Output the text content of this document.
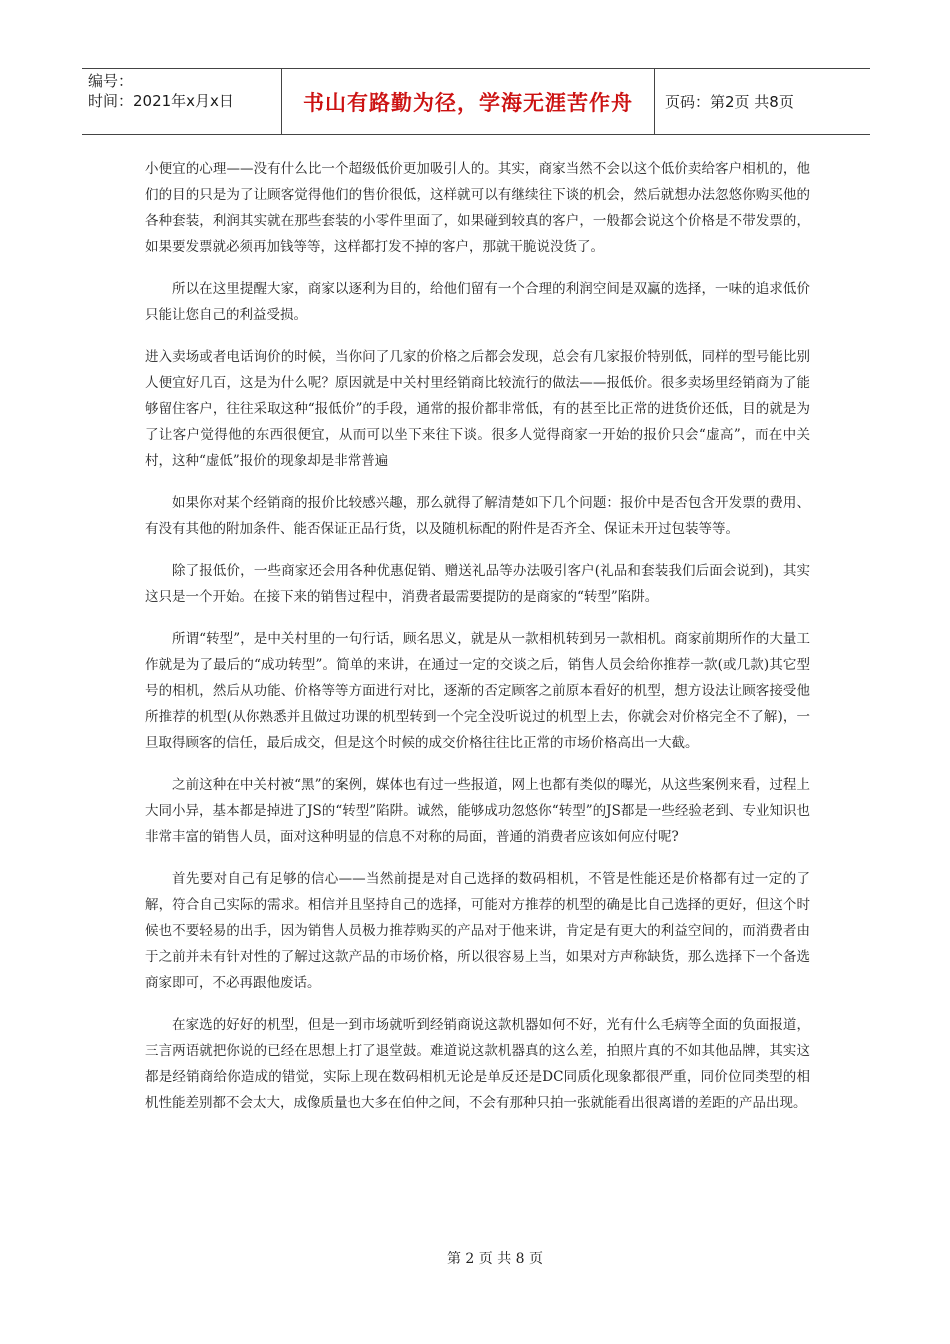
编号：
时间：2021年x月x日	书山有路勤为径，学海无涯苦作舟	页码：第2页 共8页

小便宜的心理——没有什么比一个超级低价更加吸引人的。其实，商家当然不会以这个低价卖给客户相机的，他们的目的只是为了让顾客觉得他们的售价很低，这样就可以有继续往下谈的机会，然后就想办法忽悠你购买他的各种套装，利润其实就在那些套装的小零件里面了，如果碰到较真的客户，一般都会说这个价格是不带发票的，如果要发票就必须再加钱等等，这样都打发不掉的客户，那就干脆说没货了。

所以在这里提醒大家，商家以逐利为目的，给他们留有一个合理的利润空间是双赢的选择，一味的追求低价只能让您自己的利益受损。

进入卖场或者电话询价的时候，当你问了几家的价格之后都会发现，总会有几家报价特别低，同样的型号能比别人便宜好几百，这是为什么呢？原因就是中关村里经销商比较流行的做法——报低价。很多卖场里经销商为了能够留住客户，往往采取这种“报低价”的手段，通常的报价都非常低，有的甚至比正常的进货价还低，目的就是为了让客户觉得他的东西很便宜，从而可以坐下来往下谈。很多人觉得商家一开始的报价只会“虚高”，而在中关村，这种“虚低”报价的现象却是非常普遍

如果你对某个经销商的报价比较感兴趣，那么就得了解清楚如下几个问题：报价中是否包含开发票的费用、有没有其他的附加条件、能否保证正品行货，以及随机标配的附件是否齐全、保证未开过包装等等。

除了报低价，一些商家还会用各种优惠促销、赠送礼品等办法吸引客户(礼品和套装我们后面会说到)，其实这只是一个开始。在接下来的销售过程中，消费者最需要提防的是商家的“转型”陷阱。

所谓“转型”，是中关村里的一句行话，顾名思义，就是从一款相机转到另一款相机。商家前期所作的大量工作就是为了最后的“成功转型”。简单的来讲，在通过一定的交谈之后，销售人员会给你推荐一款(或几款)其它型号的相机，然后从功能、价格等等方面进行对比，逐渐的否定顾客之前原本看好的机型，想方设法让顾客接受他所推荐的机型(从你熟悉并且做过功课的机型转到一个完全没听说过的机型上去，你就会对价格完全不了解)，一旦取得顾客的信任，最后成交，但是这个时候的成交价格往往比正常的市场价格高出一大截。

之前这种在中关村被“黑”的案例，媒体也有过一些报道，网上也都有类似的曝光，从这些案例来看，过程上大同小异，基本都是掉进了JS的“转型”陷阱。诚然，能够成功忽悠你“转型”的JS都是一些经验老到、专业知识也非常丰富的销售人员，面对这种明显的信息不对称的局面，普通的消费者应该如何应付呢?

首先要对自己有足够的信心——当然前提是对自己选择的数码相机，不管是性能还是价格都有过一定的了解，符合自己实际的需求。相信并且坚持自己的选择，可能对方推荐的机型的确是比自己选择的更好，但这个时候也不要轻易的出手，因为销售人员极力推荐购买的产品对于他来讲，肯定是有更大的利益空间的，而消费者由于之前并未有针对性的了解过这款产品的市场价格，所以很容易上当，如果对方声称缺货，那么选择下一个备选商家即可，不必再跟他废话。

在家选的好好的机型，但是一到市场就听到经销商说这款机器如何不好，光有什么毛病等全面的负面报道，三言两语就把你说的已经在思想上打了退堂鼓。难道说这款机器真的这么差，拍照片真的不如其他品牌，其实这都是经销商给你造成的错觉，实际上现在数码相机无论是单反还是DC同质化现象都很严重，同价位同类型的相机性能差别都不会太大，成像质量也大多在伯仲之间，不会有那种只拍一张就能看出很离谱的差距的产品出现。

第 2 页 共 8 页
